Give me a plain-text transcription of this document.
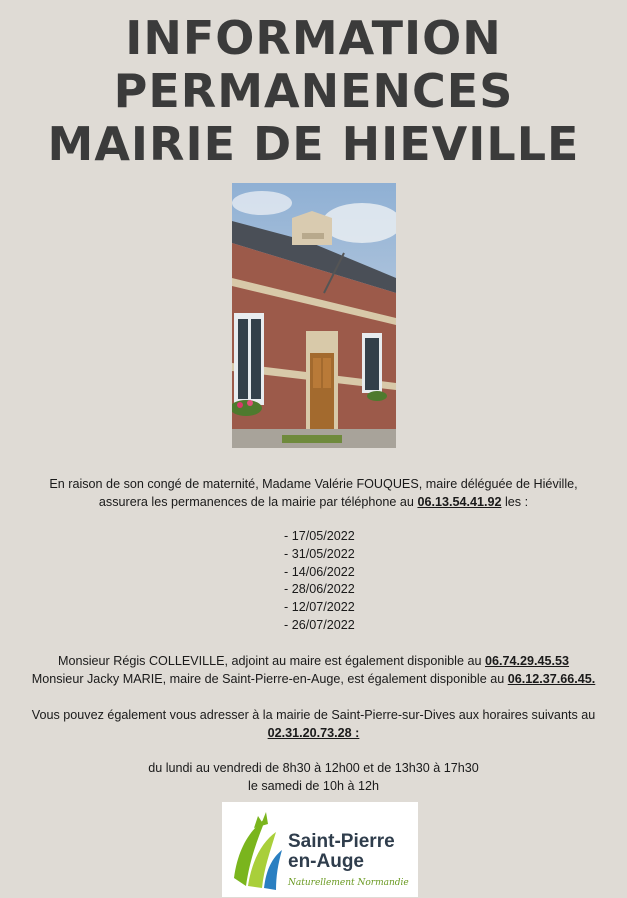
INFORMATION
PERMANENCES
MAIRIE DE HIEVILLE
En raison de son congé de maternité, Madame Valérie FOUQUES, maire déléguée de Hiéville,
assurera les permanences de la mairie par téléphone au 06.13.54.41.92 les :
- 17/05/2022
- 31/05/2022
- 14/06/2022
- 28/06/2022
- 12/07/2022
- 26/07/2022
Monsieur Régis COLLEVILLE, adjoint au maire est également disponible au 06.74.29.45.53
Monsieur Jacky MARIE, maire de Saint-Pierre-en-Auge, est également disponible au 06.12.37.66.45.
Vous pouvez également vous adresser à la mairie de Saint-Pierre-sur-Dives aux horaires suivants au
02.31.20.73.28 :
du lundi au vendredi de 8h30 à 12h00 et de 13h30 à 17h30
le samedi de 10h à 12h
Saint-Pierre
en-Auge
Naturellement Normandie
